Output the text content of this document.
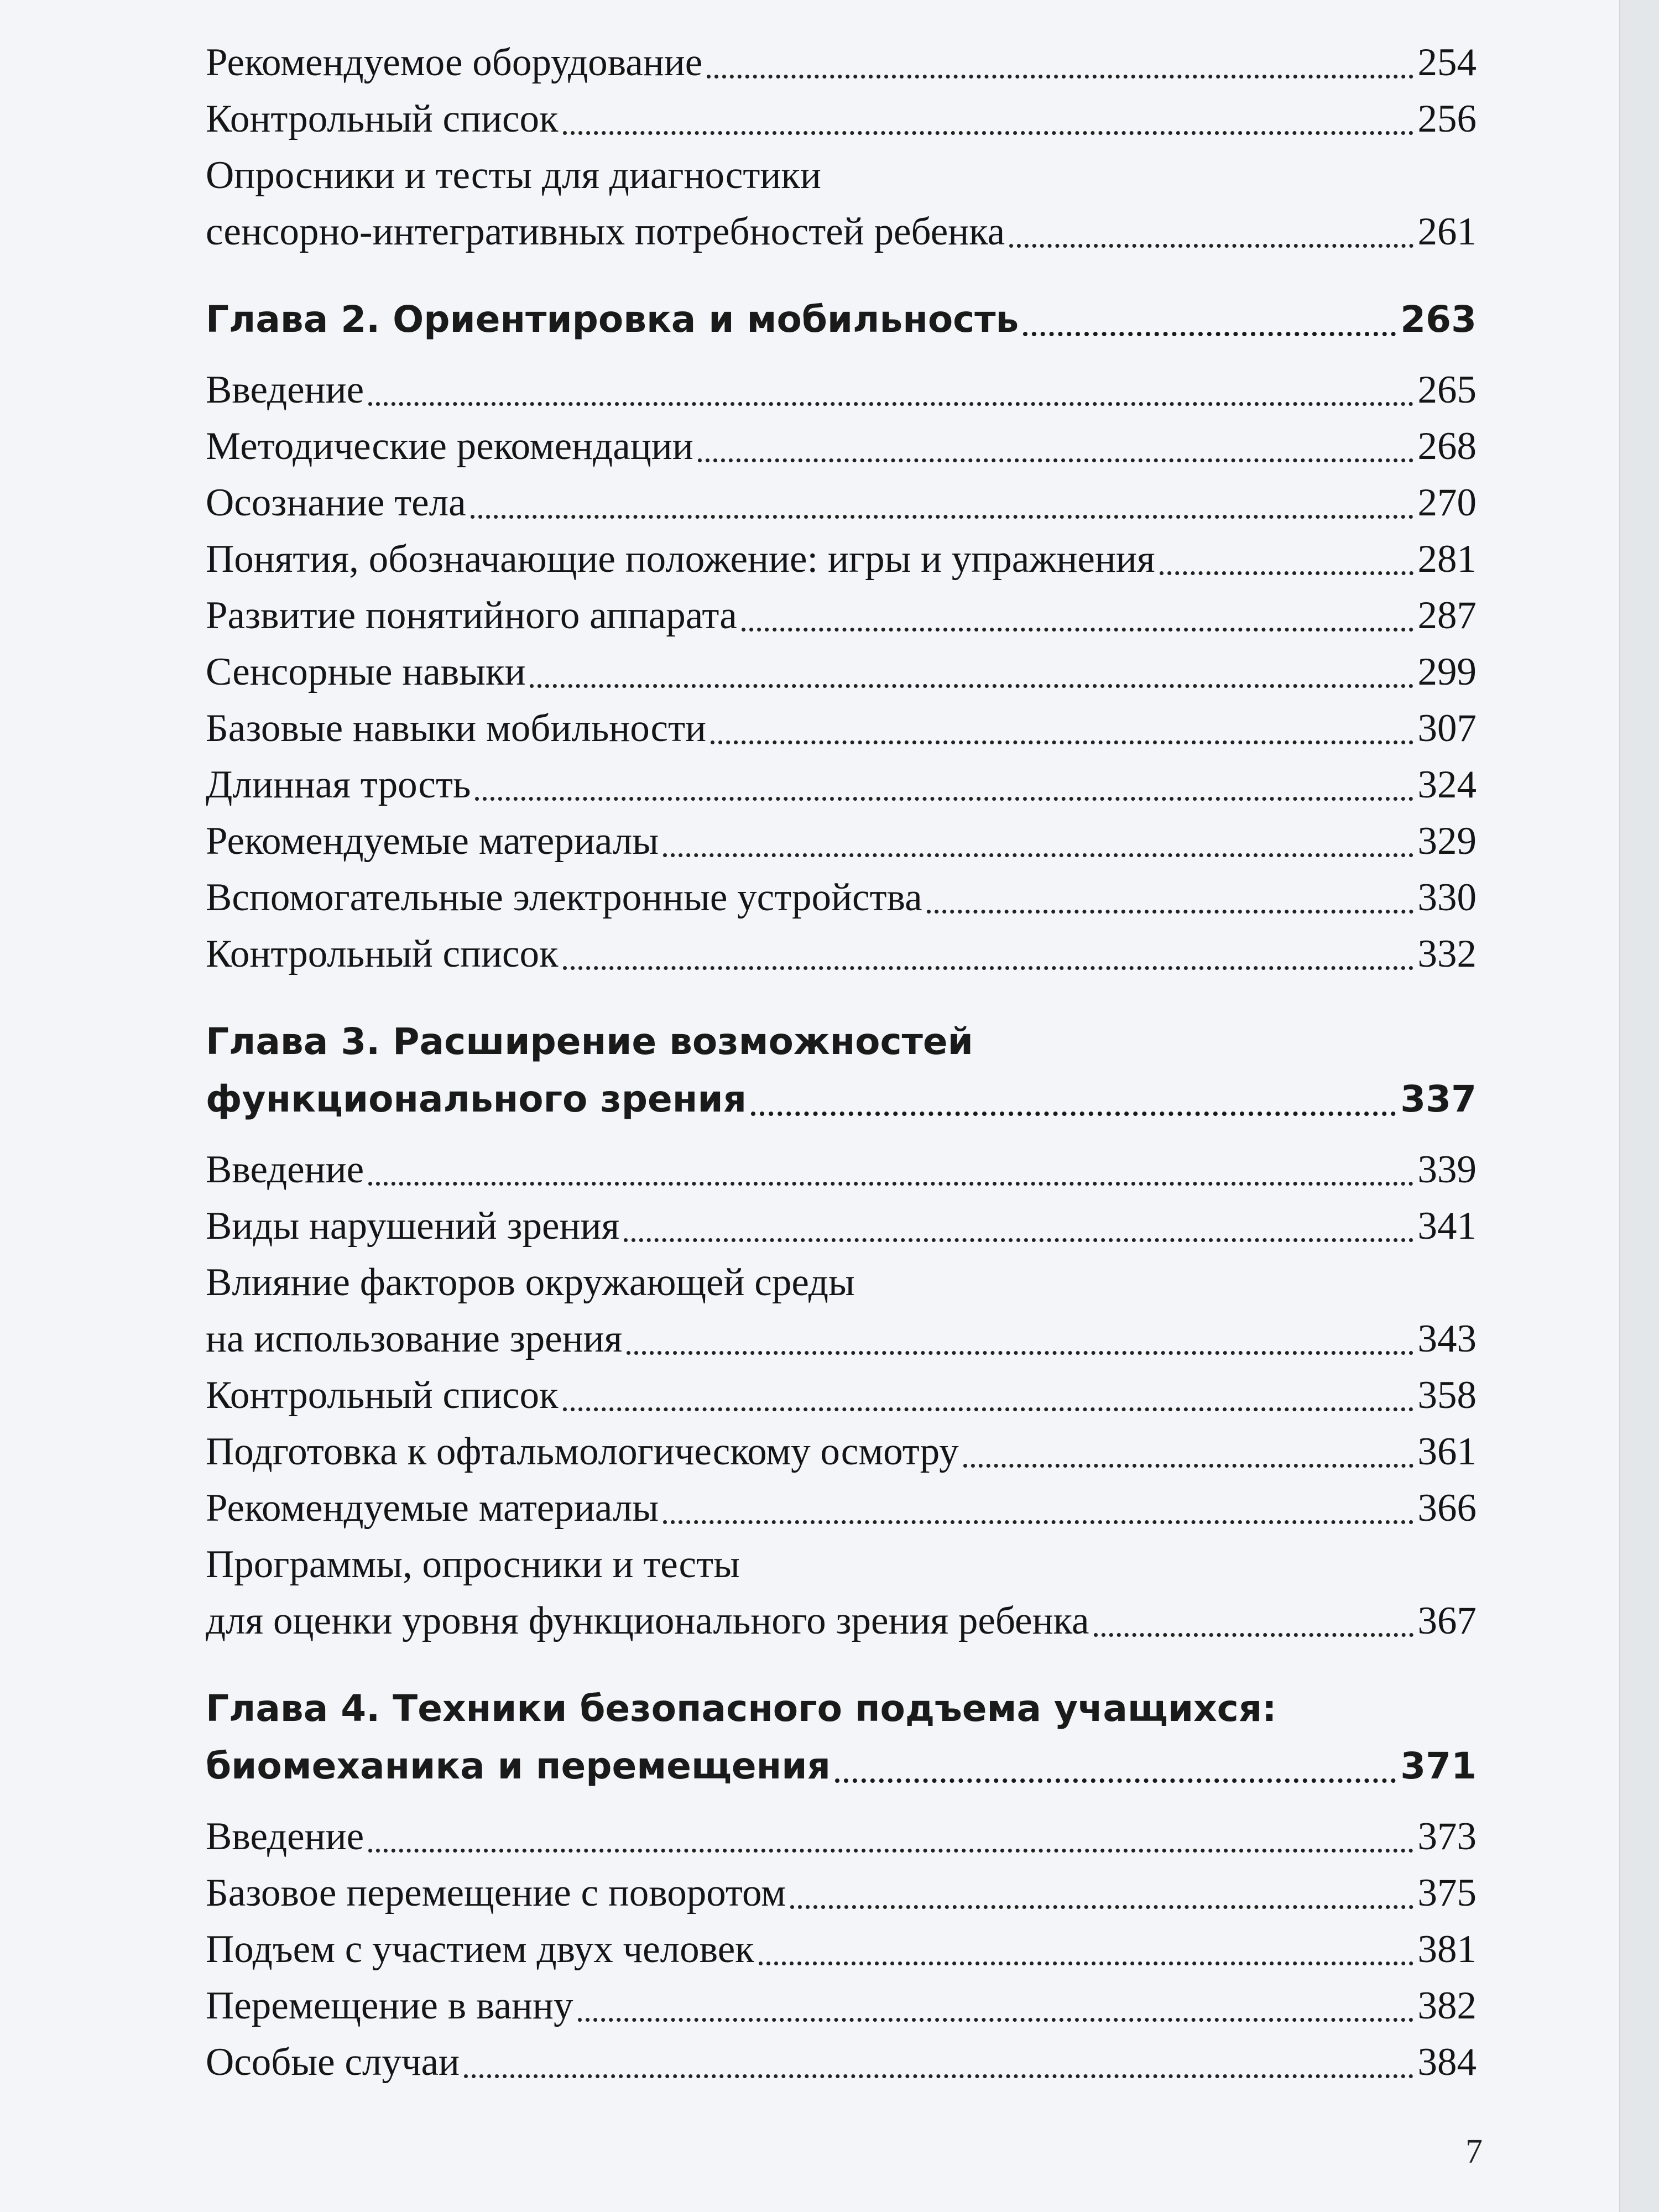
Рекомендуемое оборудование	254
Контрольный список	256
Опросники и тесты для диагностики
сенсорно-интегративных потребностей ребенка	261
Глава 2. Ориентировка и мобильность	263
Введение	265
Методические рекомендации	268
Осознание тела	270
Понятия, обозначающие положение: игры и упражнения	281
Развитие понятийного аппарата	287
Сенсорные навыки	299
Базовые навыки мобильности	307
Длинная трость	324
Рекомендуемые материалы	329
Вспомогательные электронные устройства	330
Контрольный список	332
Глава 3. Расширение возможностей
функционального зрения	337
Введение	339
Виды нарушений зрения	341
Влияние факторов окружающей среды
на использование зрения	343
Контрольный список	358
Подготовка к офтальмологическому осмотру	361
Рекомендуемые материалы	366
Программы, опросники и тесты
для оценки уровня функционального зрения ребенка	367
Глава 4. Техники безопасного подъема учащихся:
биомеханика и перемещения	371
Введение	373
Базовое перемещение с поворотом	375
Подъем с участием двух человек	381
Перемещение в ванну	382
Особые случаи	384
7
